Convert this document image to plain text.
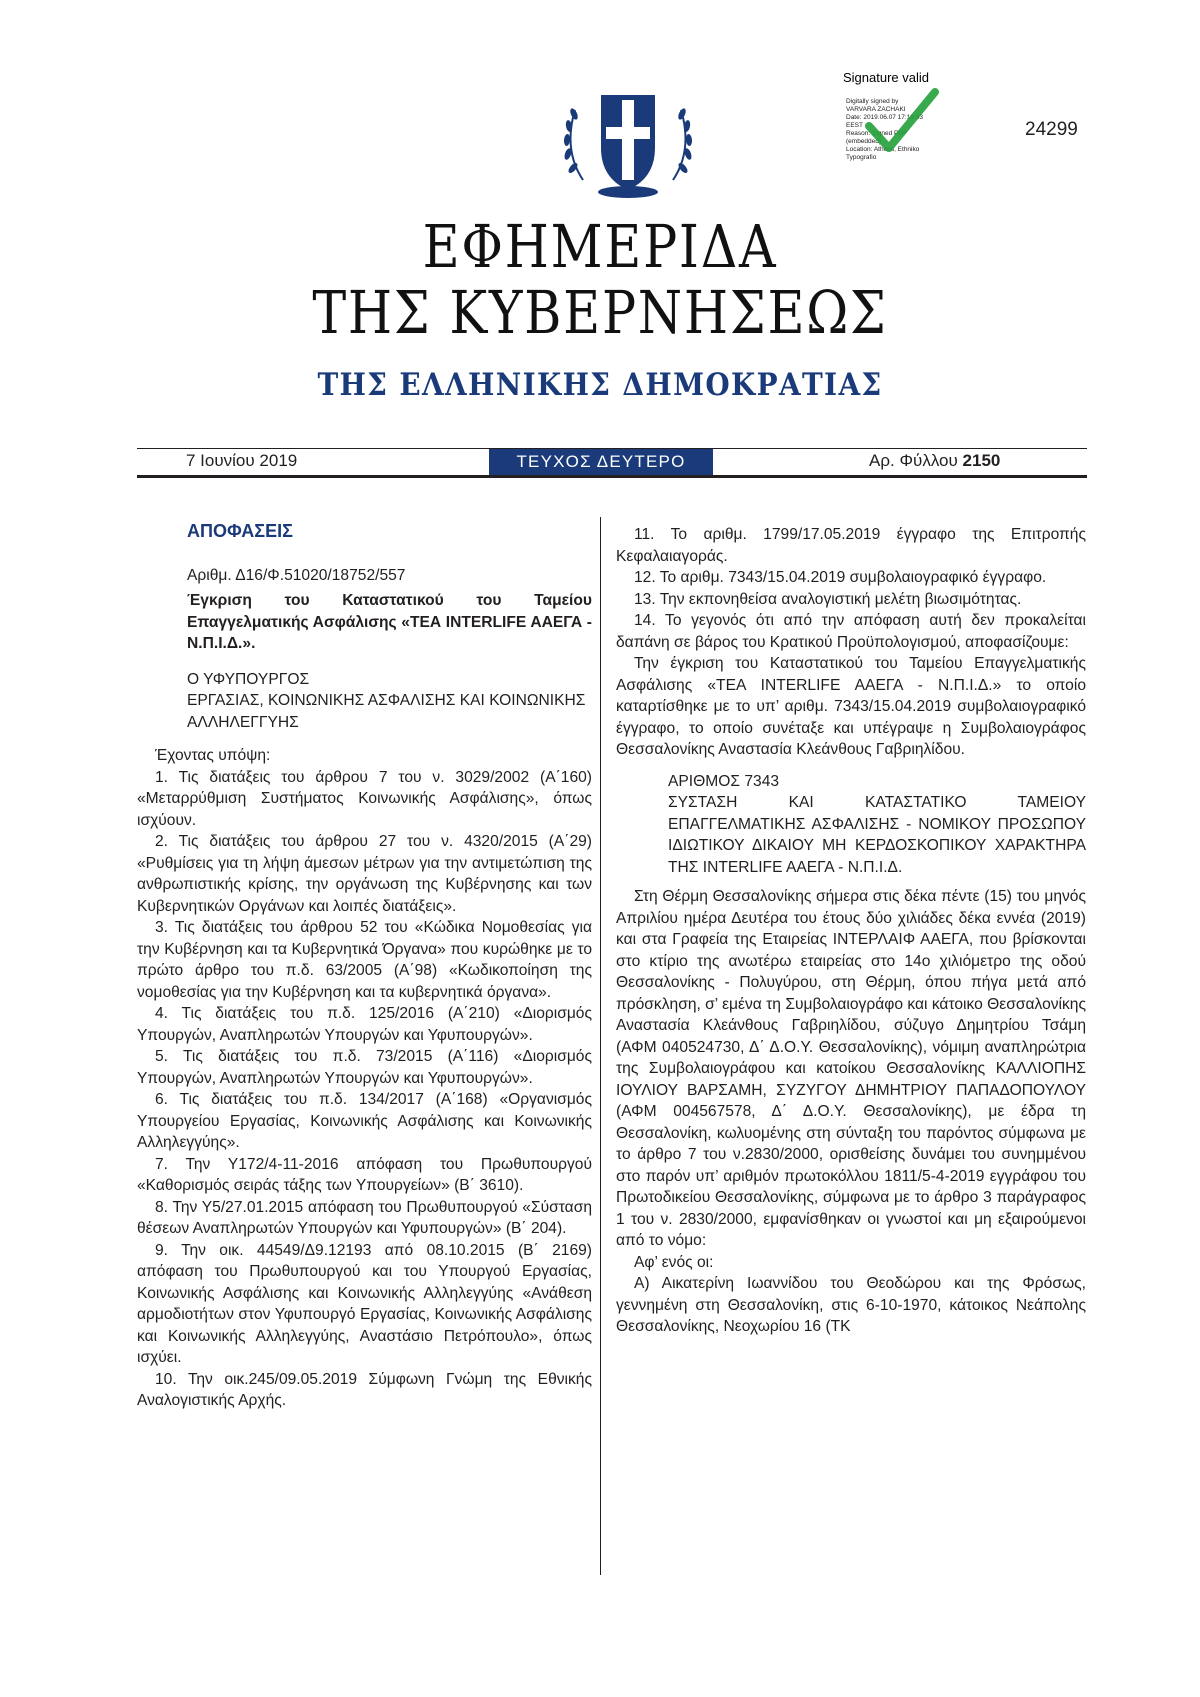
Signature valid
Digitally signed by
VARVARA ZACHAKI
Date: 2019.06.07 17:19:33
EEST
Reason: Signed PDF
(embedded)
Location: Athens, Ethniko
Typografio
24299
ΕΦΗΜΕΡΙΔΑ
ΤΗΣ ΚΥΒΕΡΝΗΣΕΩΣ
ΤΗΣ ΕΛΛΗΝΙΚΗΣ ΔΗΜΟΚΡΑΤΙΑΣ
7 Ιουνίου 2019	ΤΕΥΧΟΣ ΔΕΥΤΕΡΟ	Αρ. Φύλλου 2150
ΑΠΟΦΑΣΕΙΣ

Αριθμ. Δ16/Φ.51020/18752/557

Έγκριση του Καταστατικού του Ταμείου Επαγγελματικής Ασφάλισης «ΤΕΑ INTERLIFE AΑΕΓΑ - Ν.Π.Ι.Δ.».

Ο ΥΦΥΠΟΥΡΓΟΣ
ΕΡΓΑΣΙΑΣ, ΚΟΙΝΩΝΙΚΗΣ ΑΣΦΑΛΙΣΗΣ ΚΑΙ ΚΟΙΝΩΝΙΚΗΣ ΑΛΛΗΛΕΓΓΥΗΣ

Έχοντας υπόψη:

1. Τις διατάξεις του άρθρου 7 του ν. 3029/2002 (Α΄160) «Μεταρρύθμιση Συστήματος Κοινωνικής Ασφάλισης», όπως ισχύουν.

2. Τις διατάξεις του άρθρου 27 του ν. 4320/2015 (Α΄29) «Ρυθμίσεις για τη λήψη άμεσων μέτρων για την αντιμετώπιση της ανθρωπιστικής κρίσης, την οργάνωση της Κυβέρνησης και των Κυβερνητικών Οργάνων και λοιπές διατάξεις».

3. Τις διατάξεις του άρθρου 52 του «Κώδικα Νομοθεσίας για την Κυβέρνηση και τα Κυβερνητικά Όργανα» που κυρώθηκε με το πρώτο άρθρο του π.δ. 63/2005 (Α΄98) «Κωδικοποίηση της νομοθεσίας για την Κυβέρνηση και τα κυβερνητικά όργανα».

4. Τις διατάξεις του π.δ. 125/2016 (Α΄210) «Διορισμός Υπουργών, Αναπληρωτών Υπουργών και Υφυπουργών».

5. Τις διατάξεις του π.δ. 73/2015 (Α΄116) «Διορισμός Υπουργών, Αναπληρωτών Υπουργών και Υφυπουργών».

6. Τις διατάξεις του π.δ. 134/2017 (Α΄168) «Οργανισμός Υπουργείου Εργασίας, Κοινωνικής Ασφάλισης και Κοινωνικής Αλληλεγγύης».

7. Την Υ172/4-11-2016 απόφαση του Πρωθυπουργού «Καθορισμός σειράς τάξης των Υπουργείων» (Β΄ 3610).

8. Την Υ5/27.01.2015 απόφαση του Πρωθυπουργού «Σύσταση θέσεων Αναπληρωτών Υπουργών και Υφυπουργών» (Β΄ 204).

9. Την οικ. 44549/Δ9.12193 από 08.10.2015 (Β΄ 2169) απόφαση του Πρωθυπουργού και του Υπουργού Εργασίας, Κοινωνικής Ασφάλισης και Κοινωνικής Αλληλεγγύης «Ανάθεση αρμοδιοτήτων στον Υφυπουργό Εργασίας, Κοινωνικής Ασφάλισης και Κοινωνικής Αλληλεγγύης, Αναστάσιο Πετρόπουλο», όπως ισχύει.

10. Την οικ.245/09.05.2019 Σύμφωνη Γνώμη της Εθνικής Αναλογιστικής Αρχής.

11. Το αριθμ. 1799/17.05.2019 έγγραφο της Επιτροπής Κεφαλαιαγοράς.

12. Το αριθμ. 7343/15.04.2019 συμβολαιογραφικό έγγραφο.

13. Την εκπονηθείσα αναλογιστική μελέτη βιωσιμότητας.

14. Το γεγονός ότι από την απόφαση αυτή δεν προκαλείται δαπάνη σε βάρος του Κρατικού Προϋπολογισμού, αποφασίζουμε:

Την έγκριση του Καταστατικού του Ταμείου Επαγγελματικής Ασφάλισης «ΤΕΑ INTERLIFE AΑΕΓΑ - Ν.Π.Ι.Δ.» το οποίο καταρτίσθηκε με το υπ’ αριθμ. 7343/15.04.2019 συμβολαιογραφικό έγγραφο, το οποίο συνέταξε και υπέγραψε η Συμβολαιογράφος Θεσσαλονίκης Αναστασία Κλεάνθους Γαβριηλίδου.

ΑΡΙΘΜΟΣ 7343

ΣΥΣΤΑΣΗ ΚΑΙ ΚΑΤΑΣΤΑΤΙΚΟ ΤΑΜΕΙΟΥ ΕΠΑΓΓΕΛΜΑΤΙΚΗΣ ΑΣΦΑΛΙΣΗΣ - ΝΟΜΙΚΟΥ ΠΡΟΣΩΠΟΥ ΙΔΙΩΤΙΚΟΥ ΔΙΚΑΙΟΥ ΜΗ ΚΕΡΔΟΣΚΟΠΙΚΟΥ ΧΑΡΑΚΤΗΡΑ ΤΗΣ INTERLIFE AΑΕΓΑ - Ν.Π.Ι.Δ.

Στη Θέρμη Θεσσαλονίκης σήμερα στις δέκα πέντε (15) του μηνός Απριλίου ημέρα Δευτέρα του έτους δύο χιλιάδες δέκα εννέα (2019) και στα Γραφεία της Εταιρείας ΙΝΤΕΡΛΑΙΦ ΑΑΕΓΑ, που βρίσκονται στο κτίριο της ανωτέρω εταιρείας στο 14ο χιλιόμετρο της οδού Θεσσαλονίκης - Πολυγύρου, στη Θέρμη, όπου πήγα μετά από πρόσκληση, σ’ εμένα τη Συμβολαιογράφο και κάτοικο Θεσσαλονίκης Αναστασία Κλεάνθους Γαβριηλίδου, σύζυγο Δημητρίου Τσάμη (ΑΦΜ 040524730, Δ΄ Δ.Ο.Υ. Θεσσαλονίκης), νόμιμη αναπληρώτρια της Συμβολαιογράφου και κατοίκου Θεσσαλονίκης ΚΑΛΛΙΟΠΗΣ ΙΟΥΛΙΟΥ ΒΑΡΣΑΜΗ, ΣΥΖΥΓΟΥ ΔΗΜΗΤΡΙΟΥ ΠΑΠΑΔΟΠΟΥΛΟΥ (ΑΦΜ 004567578, Δ΄ Δ.Ο.Υ. Θεσσαλονίκης), με έδρα τη Θεσσαλονίκη, κωλυομένης στη σύνταξη του παρόντος σύμφωνα με το άρθρο 7 του ν.2830/2000, ορισθείσης δυνάμει του συνημμένου στο παρόν υπ’ αριθμόν πρωτοκόλλου 1811/5-4-2019 εγγράφου του Πρωτοδικείου Θεσσαλονίκης, σύμφωνα με το άρθρο 3 παράγραφος 1 του ν. 2830/2000, εμφανίσθηκαν οι γνωστοί και μη εξαιρούμενοι από το νόμο:

Αφ’ ενός οι:

Α) Αικατερίνη Ιωαννίδου του Θεοδώρου και της Φρόσως, γεννημένη στη Θεσσαλονίκη, στις 6-10-1970, κάτοικος Νεάπολης Θεσσαλονίκης, Νεοχωρίου 16 (ΤΚ
